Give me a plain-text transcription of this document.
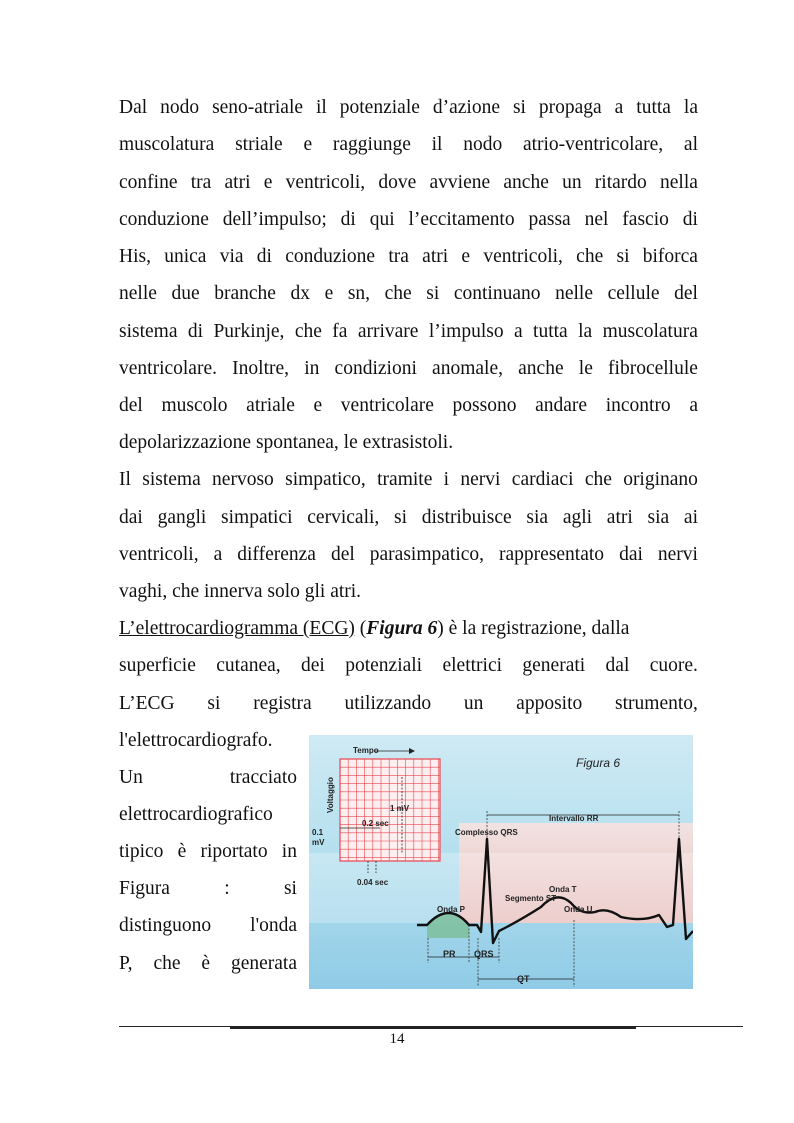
Dal nodo seno-atriale il potenziale d’azione si propaga a tutta la
muscolatura striale e raggiunge il nodo atrio-ventricolare, al
confine tra atri e ventricoli, dove avviene anche un ritardo nella
conduzione dell’impulso; di qui l’eccitamento passa nel fascio di
His, unica via di conduzione tra atri e ventricoli, che si biforca
nelle due branche dx e sn, che si continuano nelle cellule del
sistema di Purkinje, che fa arrivare l’impulso a tutta la muscolatura
ventricolare. Inoltre, in condizioni anomale, anche le fibrocellule
del muscolo atriale e ventricolare possono andare incontro a
depolarizzazione spontanea, le extrasistoli.
Il sistema nervoso simpatico, tramite i nervi cardiaci che originano
dai gangli simpatici cervicali, si distribuisce sia agli atri sia ai
ventricoli, a differenza del parasimpatico, rappresentato dai nervi
vaghi, che innerva solo gli atri.
L’elettrocardiogramma (ECG) ( Figura 6 ) è la registrazione, dalla
superficie cutanea, dei potenziali elettrici generati dal cuore.
L’ECG si registra utilizzando un apposito strumento,
l'elettrocardiografo.
Un	tracciato
elettrocardiografico
tipico è riportato in
Figura	:	si
distinguono l'onda
P, che è generata
Tempo
Voltaggio	1 mV
0.2 sec
0.1
mV
0.04 sec
Figura 6
Intervallo RR
Complesso QRS
Onda T
Segmento ST
Onda P	Onda U
PR QRS
QT
14
